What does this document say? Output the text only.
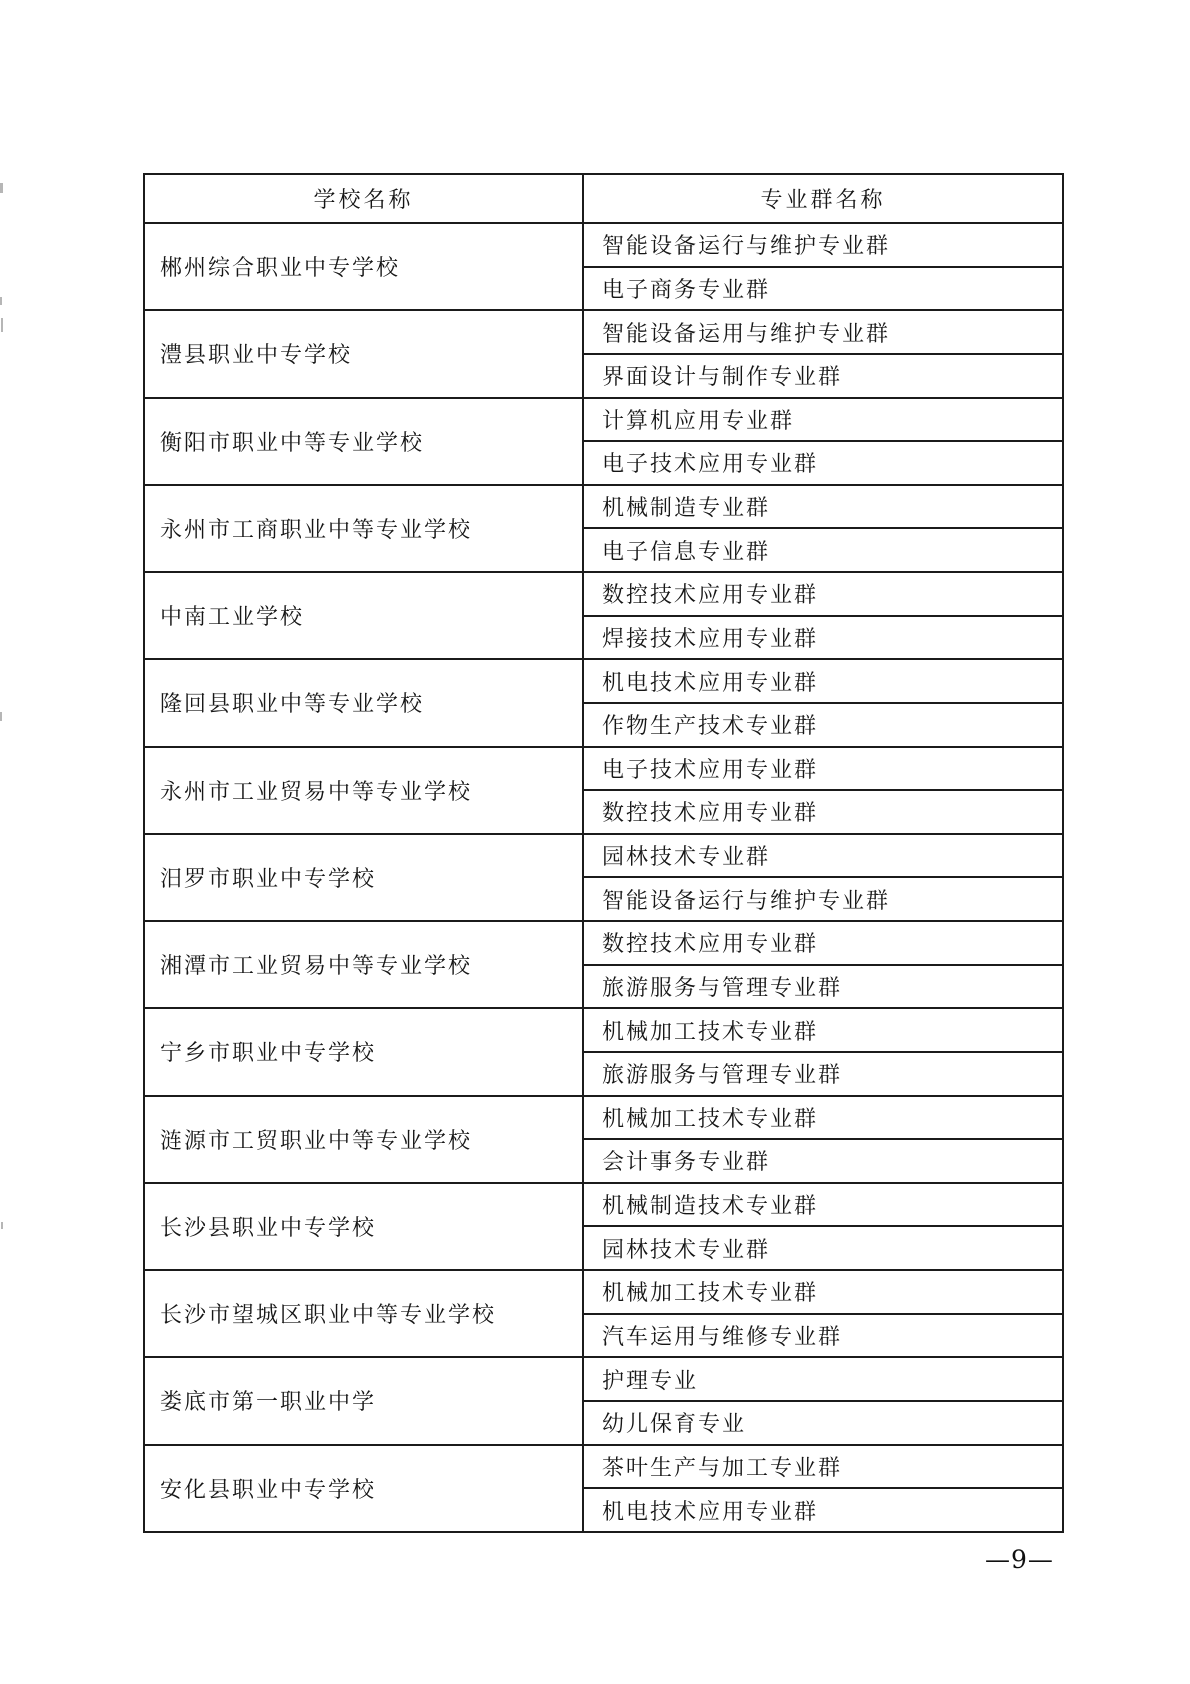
学校名称	专业群名称
郴州综合职业中专学校	智能设备运行与维护专业群
	电子商务专业群
澧县职业中专学校	智能设备运用与维护专业群
	界面设计与制作专业群
衡阳市职业中等专业学校	计算机应用专业群
	电子技术应用专业群
永州市工商职业中等专业学校	机械制造专业群
	电子信息专业群
中南工业学校	数控技术应用专业群
	焊接技术应用专业群
隆回县职业中等专业学校	机电技术应用专业群
	作物生产技术专业群
永州市工业贸易中等专业学校	电子技术应用专业群
	数控技术应用专业群
汨罗市职业中专学校	园林技术专业群
	智能设备运行与维护专业群
湘潭市工业贸易中等专业学校	数控技术应用专业群
	旅游服务与管理专业群
宁乡市职业中专学校	机械加工技术专业群
	旅游服务与管理专业群
涟源市工贸职业中等专业学校	机械加工技术专业群
	会计事务专业群
长沙县职业中专学校	机械制造技术专业群
	园林技术专业群
长沙市望城区职业中等专业学校	机械加工技术专业群
	汽车运用与维修专业群
娄底市第一职业中学	护理专业
	幼儿保育专业
安化县职业中专学校	茶叶生产与加工专业群
	机电技术应用专业群
—9—
